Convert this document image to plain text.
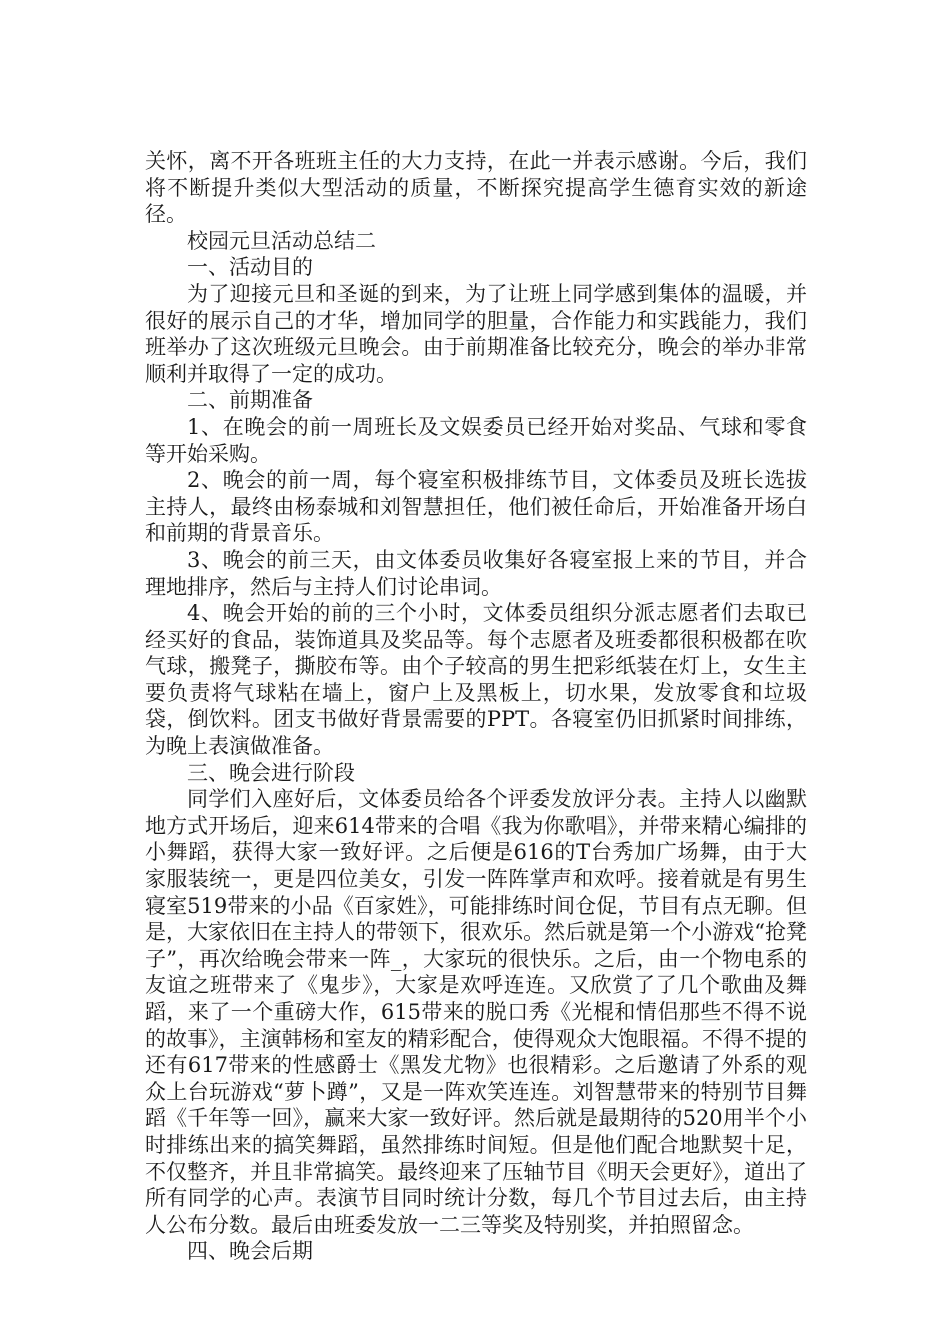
关怀，离不开各班班主任的大力支持，在此一并表示感谢。今后，我们将不断提升类似大型活动的质量，不断探究提高学生德育实效的新途径。

校园元旦活动总结二

一、活动目的

为了迎接元旦和圣诞的到来，为了让班上同学感到集体的温暖，并很好的展示自己的才华，增加同学的胆量，合作能力和实践能力，我们班举办了这次班级元旦晚会。由于前期准备比较充分，晚会的举办非常顺利并取得了一定的成功。

二、前期准备

1、在晚会的前一周班长及文娱委员已经开始对奖品、气球和零食等开始采购。

2、晚会的前一周，每个寝室积极排练节目，文体委员及班长选拔主持人，最终由杨泰城和刘智慧担任，他们被任命后，开始准备开场白和前期的背景音乐。

3、晚会的前三天，由文体委员收集好各寝室报上来的节目，并合理地排序，然后与主持人们讨论串词。

4、晚会开始的前的三个小时，文体委员组织分派志愿者们去取已经买好的食品，装饰道具及奖品等。每个志愿者及班委都很积极都在吹气球，搬凳子，撕胶布等。由个子较高的男生把彩纸装在灯上，女生主要负责将气球粘在墙上，窗户上及黑板上，切水果，发放零食和垃圾袋，倒饮料。团支书做好背景需要的PPT。各寝室仍旧抓紧时间排练，为晚上表演做准备。

三、晚会进行阶段

同学们入座好后，文体委员给各个评委发放评分表。主持人以幽默地方式开场后，迎来614带来的合唱《我为你歌唱》，并带来精心编排的小舞蹈，获得大家一致好评。之后便是616的T台秀加广场舞，由于大家服装统一，更是四位美女，引发一阵阵掌声和欢呼。接着就是有男生寝室519带来的小品《百家姓》，可能排练时间仓促，节目有点无聊。但是，大家依旧在主持人的带领下，很欢乐。然后就是第一个小游戏“抢凳子”，再次给晚会带来一阵_，大家玩的很快乐。之后，由一个物电系的友谊之班带来了《鬼步》，大家是欢呼连连。又欣赏了了几个歌曲及舞蹈，来了一个重磅大作，615带来的脱口秀《光棍和情侣那些不得不说的故事》，主演韩杨和室友的精彩配合，使得观众大饱眼福。不得不提的还有617带来的性感爵士《黑发尤物》也很精彩。之后邀请了外系的观众上台玩游戏“萝卜蹲”，又是一阵欢笑连连。刘智慧带来的特别节目舞蹈《千年等一回》，赢来大家一致好评。然后就是最期待的520用半个小时排练出来的搞笑舞蹈，虽然排练时间短。但是他们配合地默契十足，不仅整齐，并且非常搞笑。最终迎来了压轴节目《明天会更好》，道出了所有同学的心声。表演节目同时统计分数，每几个节目过去后，由主持人公布分数。最后由班委发放一二三等奖及特别奖，并拍照留念。

四、晚会后期
